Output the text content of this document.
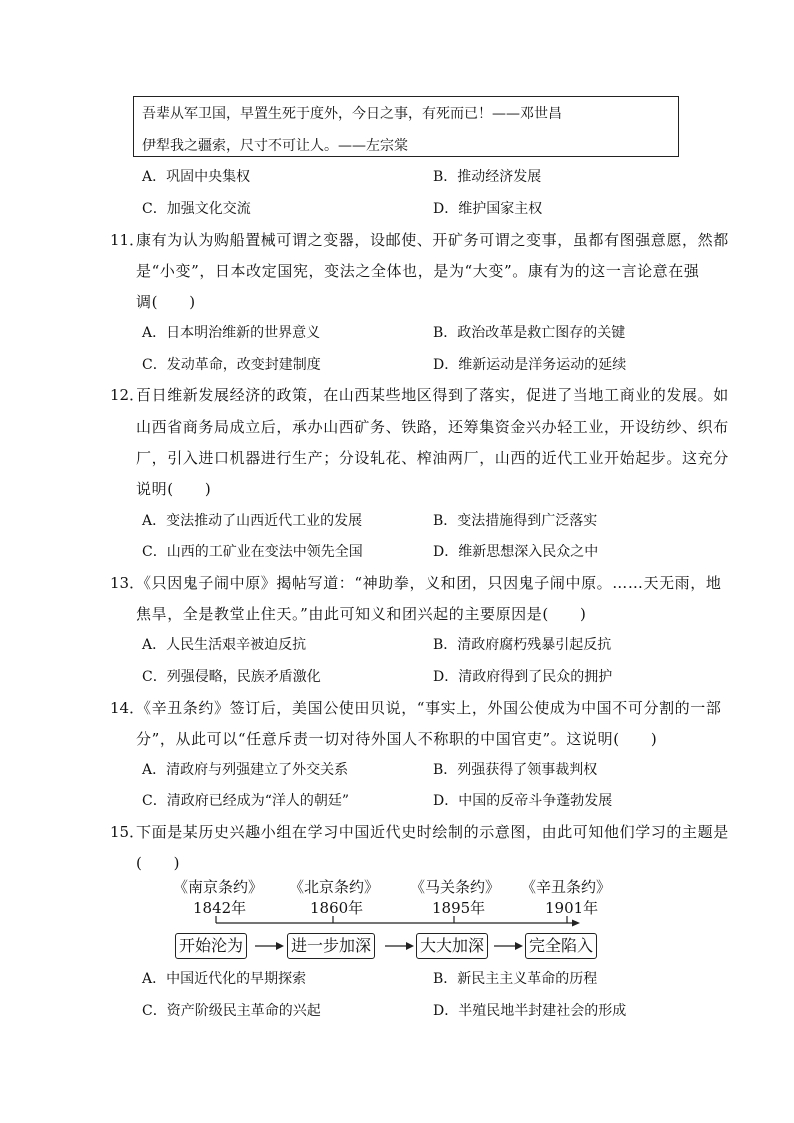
吾辈从军卫国，早置生死于度外，今日之事，有死而已！——邓世昌
伊犁我之疆索，尺寸不可让人。——左宗棠
A．巩固中央集权	B．推动经济发展
C．加强文化交流	D．维护国家主权
11．
康有为认为购船置械可谓之变器，设邮使、开矿务可谓之变事，虽都有图强意愿，然都
是“小变”，日本改定国宪，变法之全体也，是为“大变”。康有为的这一言论意在强
调(　　)
A．日本明治维新的世界意义	B．政治改革是救亡图存的关键
C．发动革命，改变封建制度	D．维新运动是洋务运动的延续
12．
百日维新发展经济的政策，在山西某些地区得到了落实，促进了当地工商业的发展。如
山西省商务局成立后，承办山西矿务、铁路，还筹集资金兴办轻工业，开设纺纱、织布
厂，引入进口机器进行生产；分设轧花、榨油两厂，山西的近代工业开始起步。这充分
说明(　　)
A．变法推动了山西近代工业的发展	B．变法措施得到广泛落实
C．山西的工矿业在变法中领先全国	D．维新思想深入民众之中
13．
《只因鬼子闹中原》揭帖写道：“神助拳，义和团，只因鬼子闹中原。……天无雨，地
焦旱，全是教堂止住天。”由此可知义和团兴起的主要原因是(　　)
A．人民生活艰辛被迫反抗	B．清政府腐朽残暴引起反抗
C．列强侵略，民族矛盾激化	D．清政府得到了民众的拥护
14．
《辛丑条约》签订后，美国公使田贝说，“事实上，外国公使成为中国不可分割的一部
分”，从此可以“任意斥责一切对待外国人不称职的中国官吏”。这说明(　　)
A．清政府与列强建立了外交关系	B．列强获得了领事裁判权
C．清政府已经成为“洋人的朝廷”	D．中国的反帝斗争蓬勃发展
15．
下面是某历史兴趣小组在学习中国近代史时绘制的示意图，由此可知他们学习的主题是
(　　)
《南京条约》 《北京条约》 《马关条约》 《辛丑条约》
1842年	1860年	1895年	1901年
开始沦为	进一步加深	大大加深	完全陷入
A．中国近代化的早期探索	B．新民主主义革命的历程
C．资产阶级民主革命的兴起	D．半殖民地半封建社会的形成
